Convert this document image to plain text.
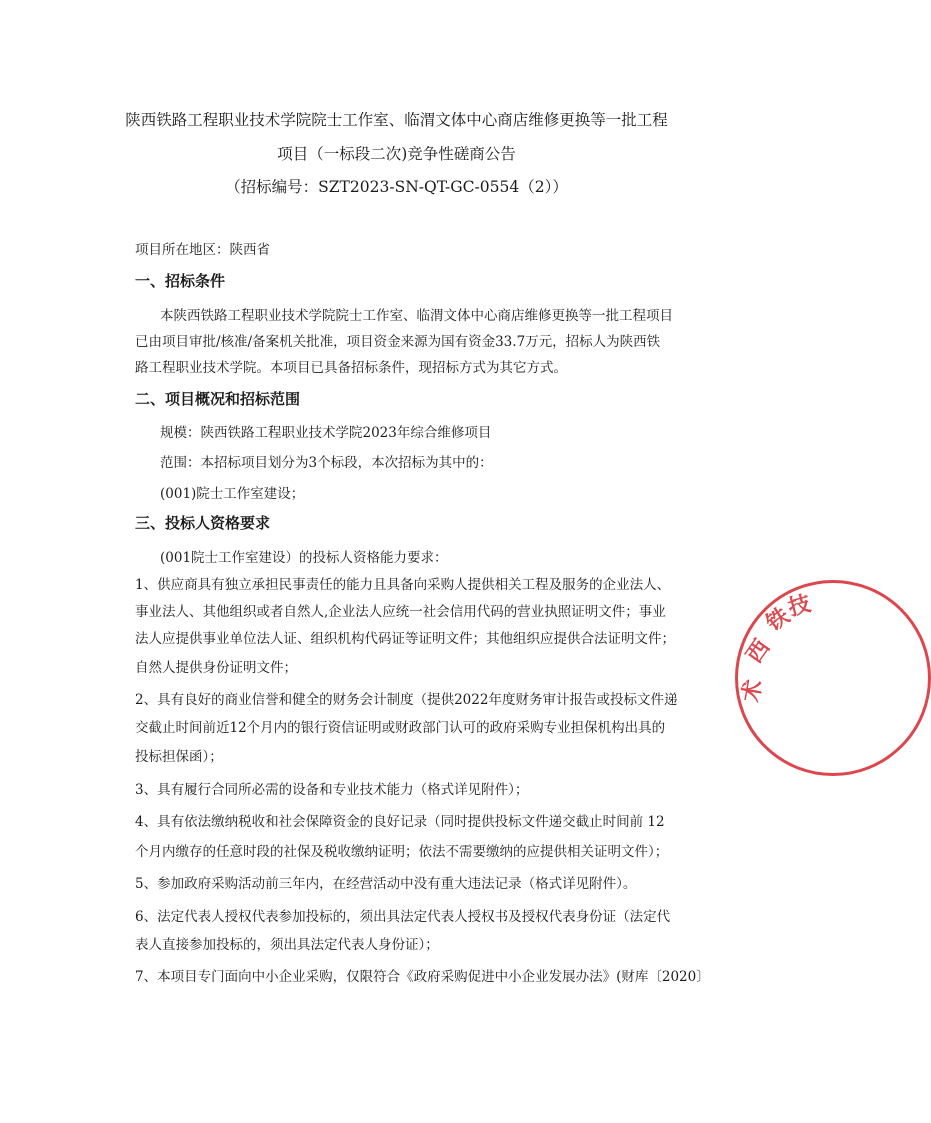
陕西铁路工程职业技术学院院士工作室、临渭文体中心商店维修更换等一批工程
项目（一标段二次)竞争性磋商公告
（招标编号：SZT2023-SN-QT-GC-0554（2））
项目所在地区：陕西省
一、招标条件
本陕西铁路工程职业技术学院院士工作室、临渭文体中心商店维修更换等一批工程项目
已由项目审批/核准/备案机关批准，项目资金来源为国有资金33.7万元，招标人为陕西铁
路工程职业技术学院。本项目已具备招标条件，现招标方式为其它方式。
二、项目概况和招标范围
规模：陕西铁路工程职业技术学院2023年综合维修项目
范围：本招标项目划分为3个标段，本次招标为其中的：
(001)院士工作室建设；
三、投标人资格要求
(001院士工作室建设）的投标人资格能力要求：
1、供应商具有独立承担民事责任的能力且具备向采购人提供相关工程及服务的企业法人、
事业法人、其他组织或者自然人,企业法人应统一社会信用代码的营业执照证明文件；事业
法人应提供事业单位法人证、组织机构代码证等证明文件；其他组织应提供合法证明文件；
自然人提供身份证明文件；
2、具有良好的商业信誉和健全的财务会计制度（提供2022年度财务审计报告或投标文件递
交截止时间前近12个月内的银行资信证明或财政部门认可的政府采购专业担保机构出具的
投标担保函）；
3、具有履行合同所必需的设备和专业技术能力（格式详见附件）；
4、具有依法缴纳税收和社会保障资金的良好记录（同时提供投标文件递交截止时间前 12
个月内缴存的任意时段的社保及税收缴纳证明；依法不需要缴纳的应提供相关证明文件）；
5、参加政府采购活动前三年内，在经营活动中没有重大违法记录（格式详见附件）。
6、法定代表人授权代表参加投标的，须出具法定代表人授权书及授权代表身份证（法定代
表人直接参加投标的，须出具法定代表人身份证）；
7、本项目专门面向中小企业采购，仅限符合《政府采购促进中小企业发展办法》(财库〔2020〕
铁
西
技
术
